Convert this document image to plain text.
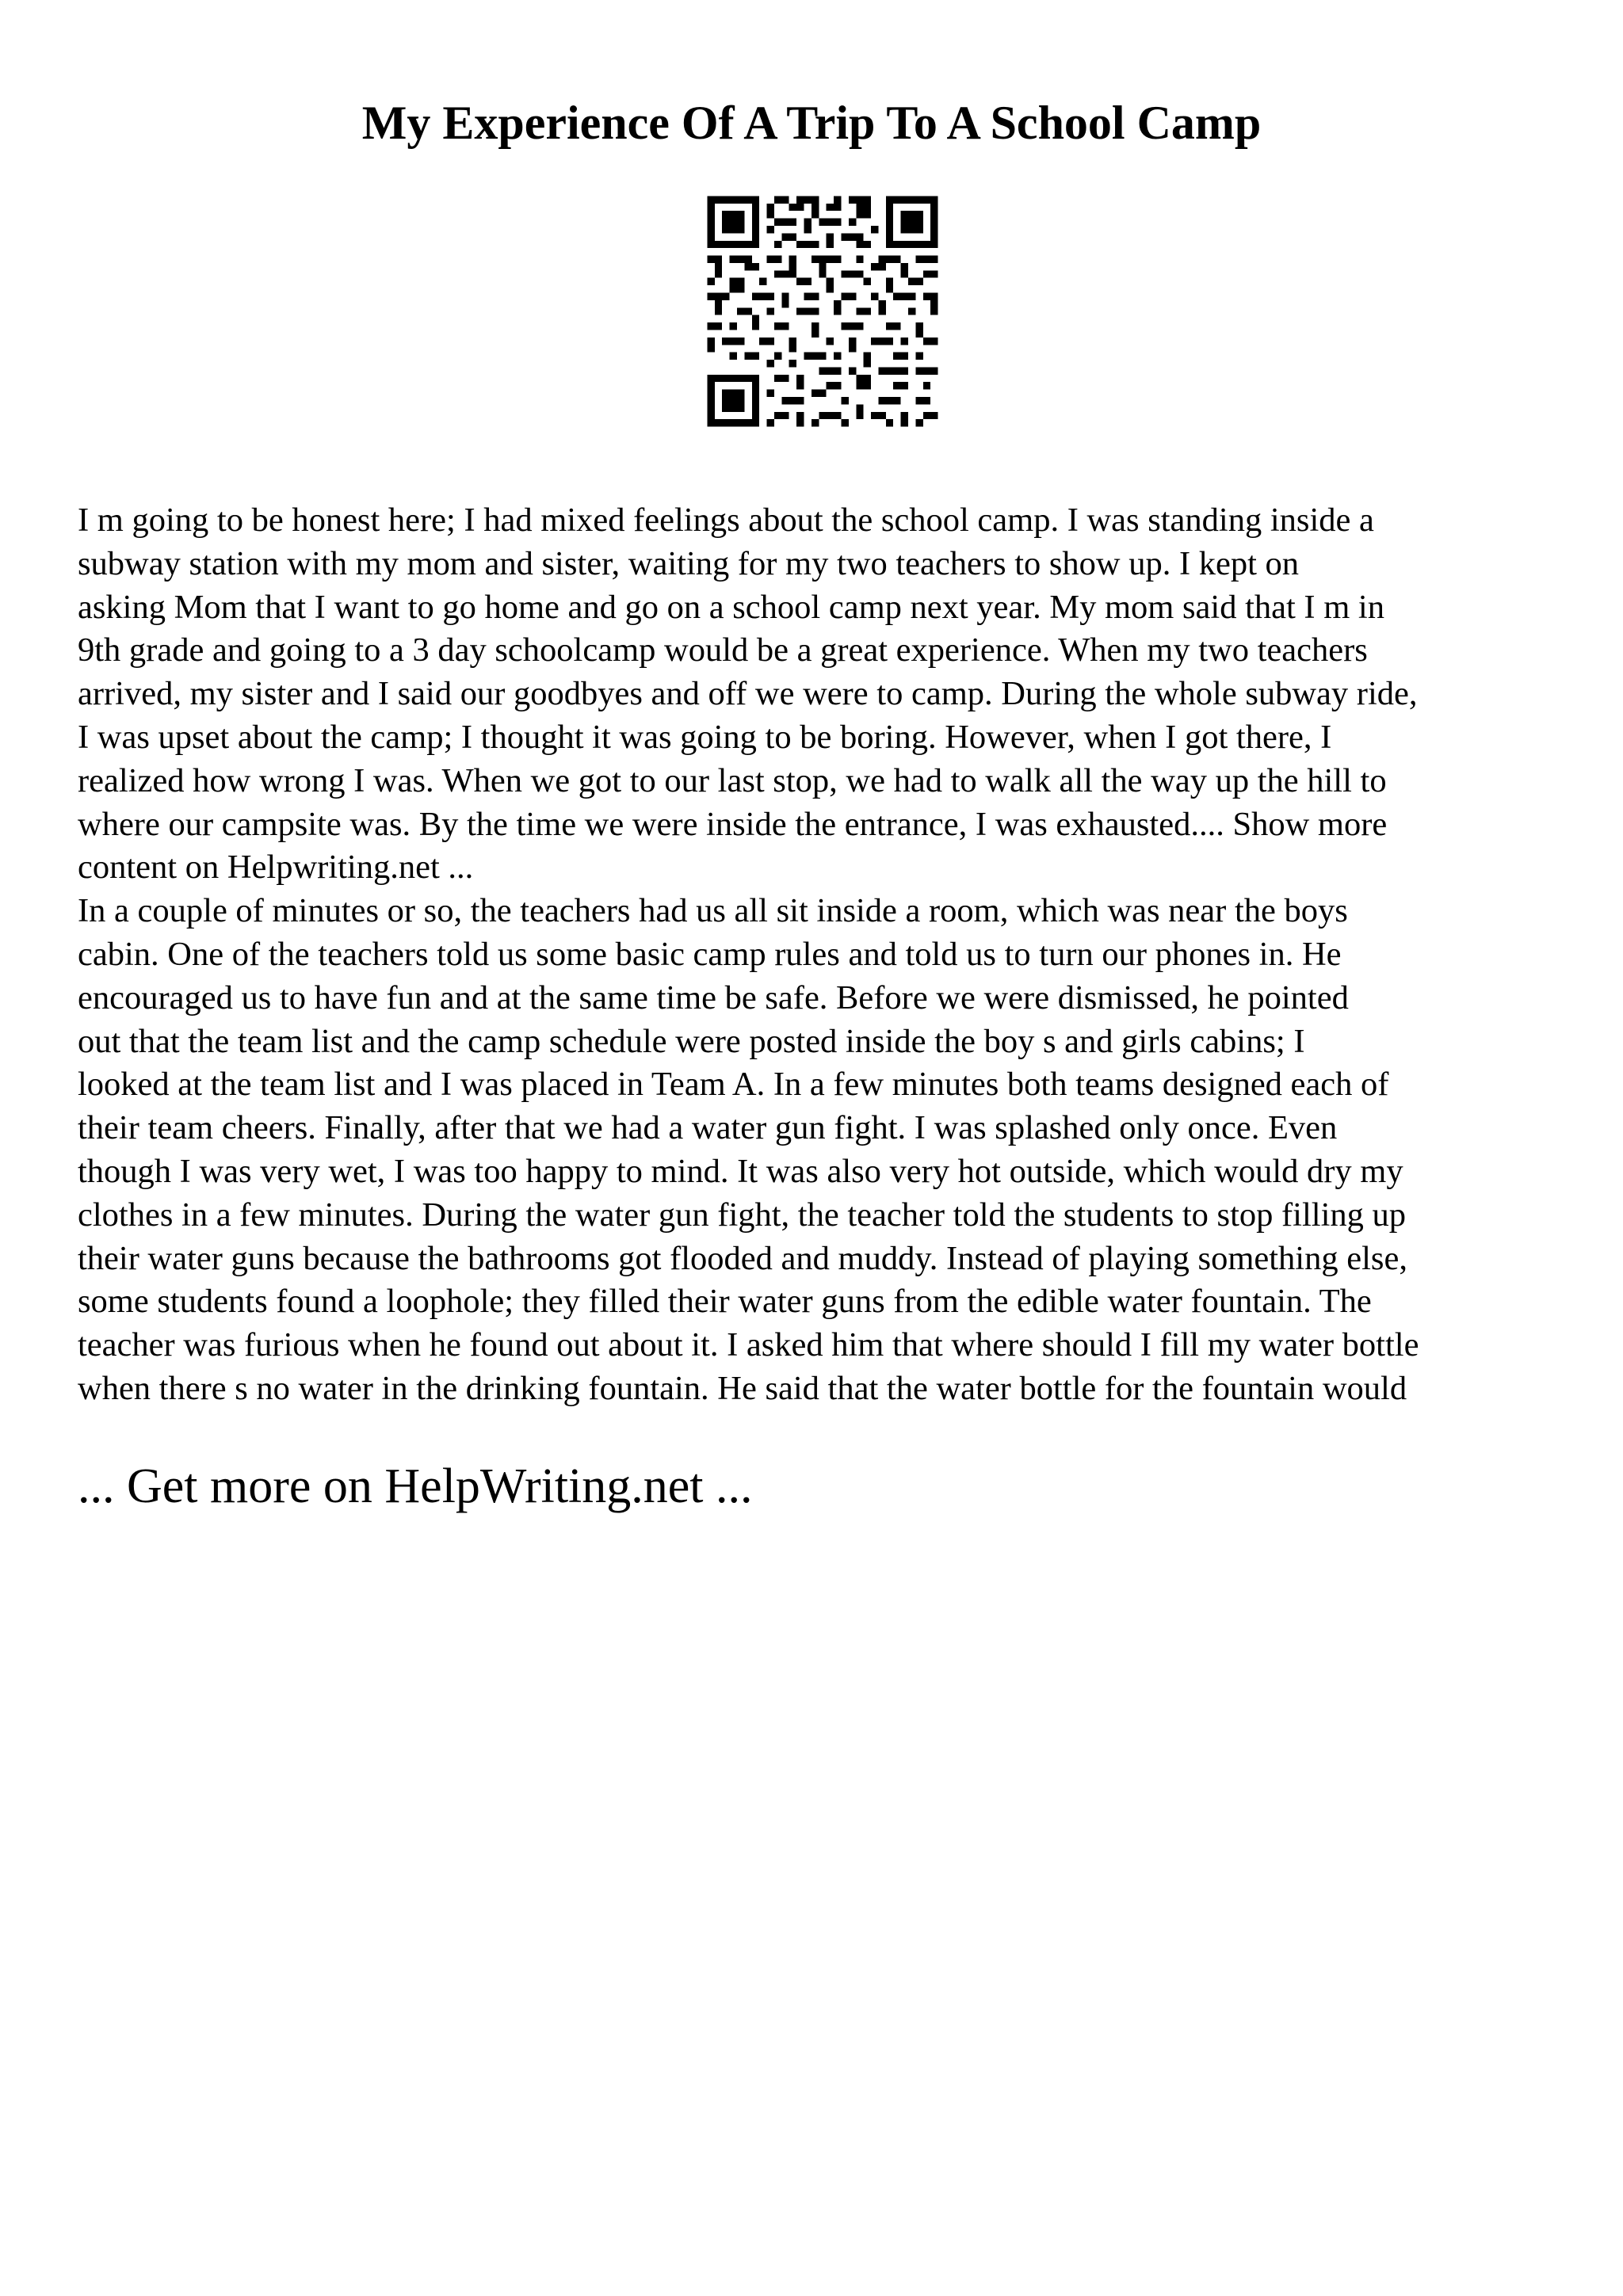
My Experience Of A Trip To A School Camp

I m going to be honest here; I had mixed feelings about the school camp. I was standing inside a
subway station with my mom and sister, waiting for my two teachers to show up. I kept on
asking Mom that I want to go home and go on a school camp next year. My mom said that I m in
9th grade and going to a 3 day schoolcamp would be a great experience. When my two teachers
arrived, my sister and I said our goodbyes and off we were to camp. During the whole subway ride,
I was upset about the camp; I thought it was going to be boring. However, when I got there, I
realized how wrong I was. When we got to our last stop, we had to walk all the way up the hill to
where our campsite was. By the time we were inside the entrance, I was exhausted.... Show more
content on Helpwriting.net ...

In a couple of minutes or so, the teachers had us all sit inside a room, which was near the boys
cabin. One of the teachers told us some basic camp rules and told us to turn our phones in. He
encouraged us to have fun and at the same time be safe. Before we were dismissed, he pointed
out that the team list and the camp schedule were posted inside the boy s and girls cabins; I
looked at the team list and I was placed in Team A. In a few minutes both teams designed each of
their team cheers. Finally, after that we had a water gun fight. I was splashed only once. Even
though I was very wet, I was too happy to mind. It was also very hot outside, which would dry my
clothes in a few minutes. During the water gun fight, the teacher told the students to stop filling up
their water guns because the bathrooms got flooded and muddy. Instead of playing something else,
some students found a loophole; they filled their water guns from the edible water fountain. The
teacher was furious when he found out about it. I asked him that where should I fill my water bottle
when there s no water in the drinking fountain. He said that the water bottle for the fountain would

... Get more on HelpWriting.net ...
